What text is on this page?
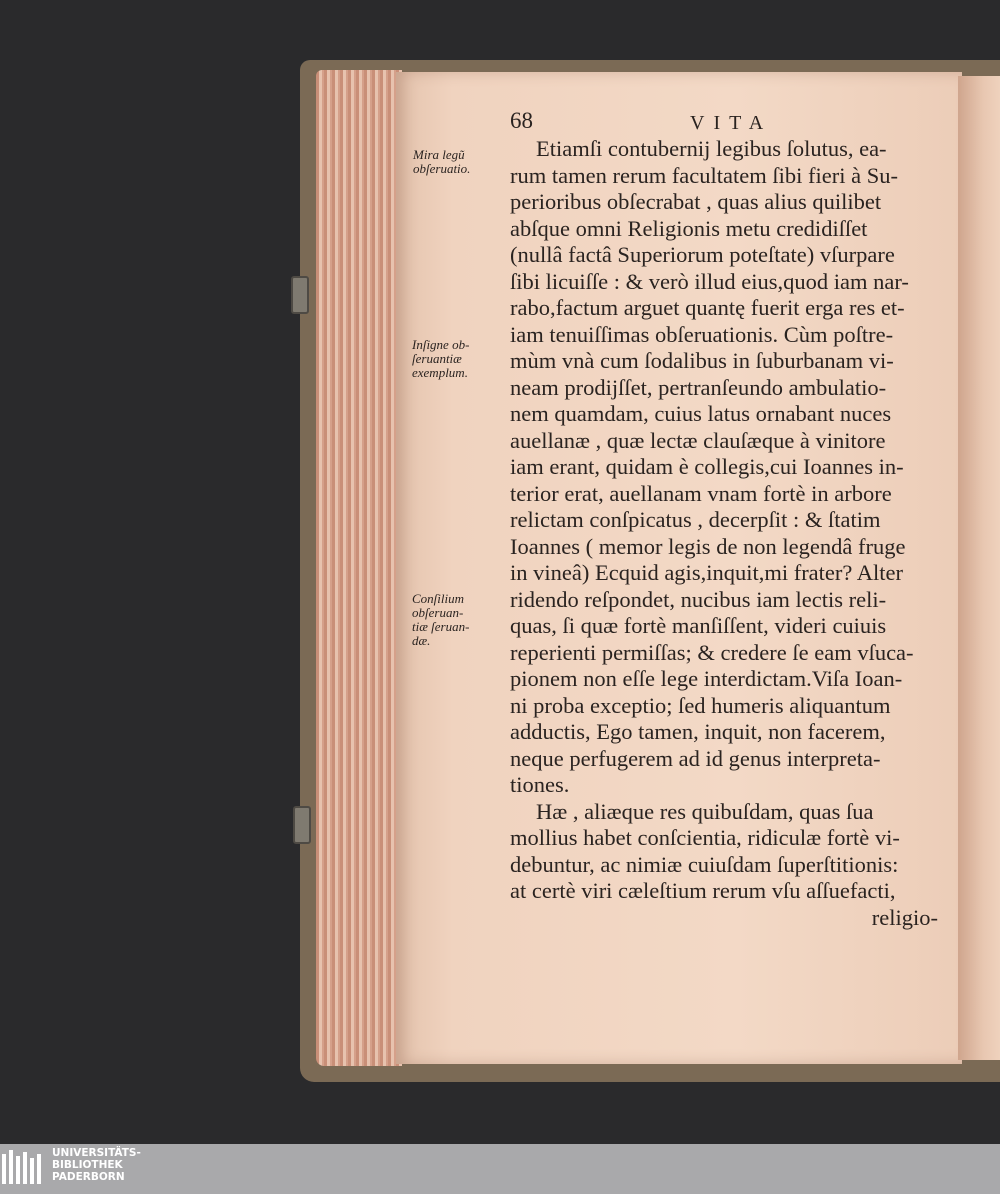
68	VITA
Mira legũ
obſeruatio.
Inſigne ob-
ſeruantiæ
exemplum.
Conſilium
obſeruan-
tiæ ſeruan-
dæ.
Etiamſi contubernij legibus ſolutus, ea-
rum tamen rerum facultatem ſibi fieri à Su-
perioribus obſecrabat , quas alius quilibet
abſque omni Religionis metu credidiſſet
(nullâ factâ Superiorum poteſtate) vſurpare
ſibi licuiſſe : & verò illud eius,quod iam nar-
rabo,factum arguet quantę fuerit erga res et-
iam tenuiſſimas obſeruationis. Cùm poſtre-
mùm vnà cum ſodalibus in ſuburbanam vi-
neam prodijſſet, pertranſeundo ambulatio-
nem quamdam, cuius latus ornabant nuces
auellanæ , quæ lectæ clauſæque à vinitore
iam erant, quidam è collegis,cui Ioannes in-
terior erat, auellanam vnam fortè in arbore
relictam conſpicatus , decerpſit : & ſtatim
Ioannes ( memor legis de non legendâ fruge
in vineâ) Ecquid agis,inquit,mi frater? Alter
ridendo reſpondet, nucibus iam lectis reli-
quas, ſi quæ fortè manſiſſent, videri cuiuis
reperienti permiſſas; & credere ſe eam vſuca-
pionem non eſſe lege interdictam.Viſa Ioan-
ni proba exceptio; ſed humeris aliquantum
adductis, Ego tamen, inquit, non facerem,
neque perfugerem ad id genus interpreta-
tiones.
Hæ , aliæque res quibuſdam, quas ſua
mollius habet conſcientia, ridiculæ fortè vi-
debuntur, ac nimiæ cuiuſdam ſuperſtitionis:
at certè viri cæleſtium rerum vſu aſſuefacti,
religio-
UNIVERSITÄTS-
BIBLIOTHEK
PADERBORN
